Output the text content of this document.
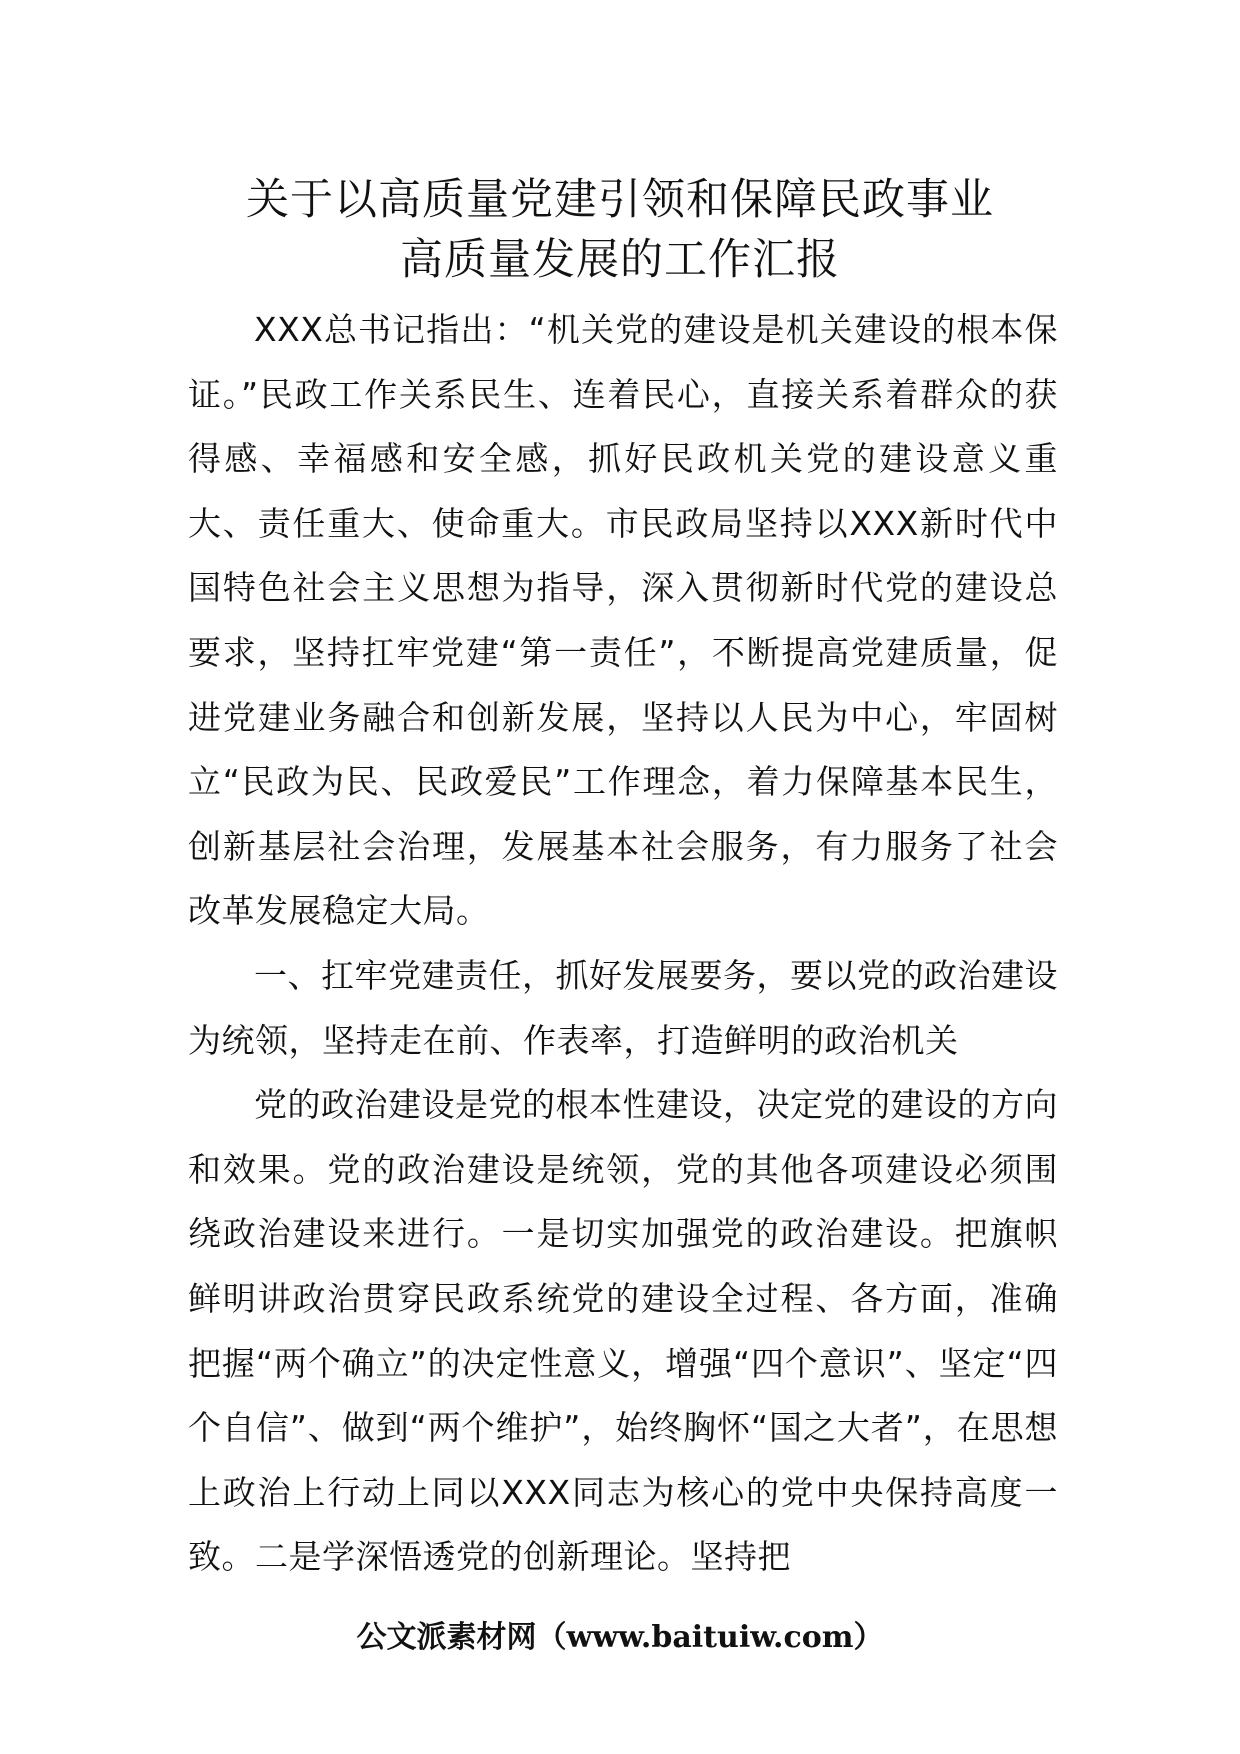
关于以高质量党建引领和保障民政事业
高质量发展的工作汇报

XXX总书记指出：“机关党的建设是机关建设的根本保证。”民政工作关系民生、连着民心，直接关系着群众的获得感、幸福感和安全感，抓好民政机关党的建设意义重大、责任重大、使命重大。市民政局坚持以XXX新时代中国特色社会主义思想为指导，深入贯彻新时代党的建设总要求，坚持扛牢党建“第一责任”，不断提高党建质量，促进党建业务融合和创新发展，坚持以人民为中心，牢固树立“民政为民、民政爱民”工作理念，着力保障基本民生，创新基层社会治理，发展基本社会服务，有力服务了社会改革发展稳定大局。

一、扛牢党建责任，抓好发展要务，要以党的政治建设为统领，坚持走在前、作表率，打造鲜明的政治机关

党的政治建设是党的根本性建设，决定党的建设的方向和效果。党的政治建设是统领，党的其他各项建设必须围绕政治建设来进行。一是切实加强党的政治建设。把旗帜鲜明讲政治贯穿民政系统党的建设全过程、各方面，准确把握“两个确立”的决定性意义，增强“四个意识”、坚定“四个自信”、做到“两个维护”，始终胸怀“国之大者”，在思想上政治上行动上同以XXX同志为核心的党中央保持高度一致。二是学深悟透党的创新理论。坚持把

公文派素材网（www.baituiw.com）
